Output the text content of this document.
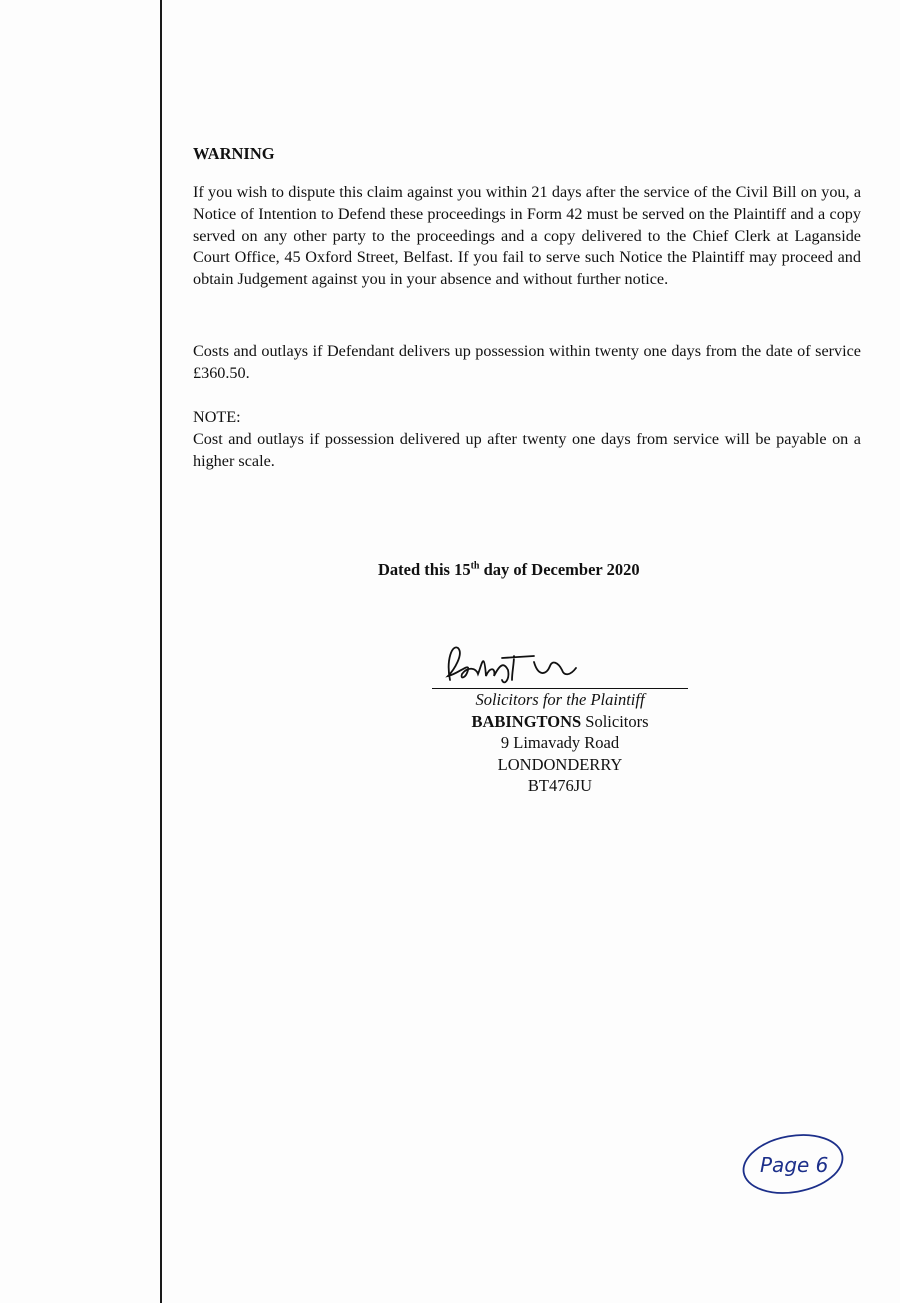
WARNING
If you wish to dispute this claim against you within 21 days after the service of the Civil Bill on you, a Notice of Intention to Defend these proceedings in Form 42 must be served on the Plaintiff and a copy served on any other party to the proceedings and a copy delivered to the Chief Clerk at Laganside Court Office, 45 Oxford Street, Belfast. If you fail to serve such Notice the Plaintiff may proceed and obtain Judgement against you in your absence and without further notice.
Costs and outlays if Defendant delivers up possession within twenty one days from the date of service £360.50.
NOTE:
Cost and outlays if possession delivered up after twenty one days from service will be payable on a higher scale.
Dated this 15th day of December 2020
Solicitors for the Plaintiff
BABINGTONS Solicitors
9 Limavady Road
LONDONDERRY
BT476JU
Page 6
